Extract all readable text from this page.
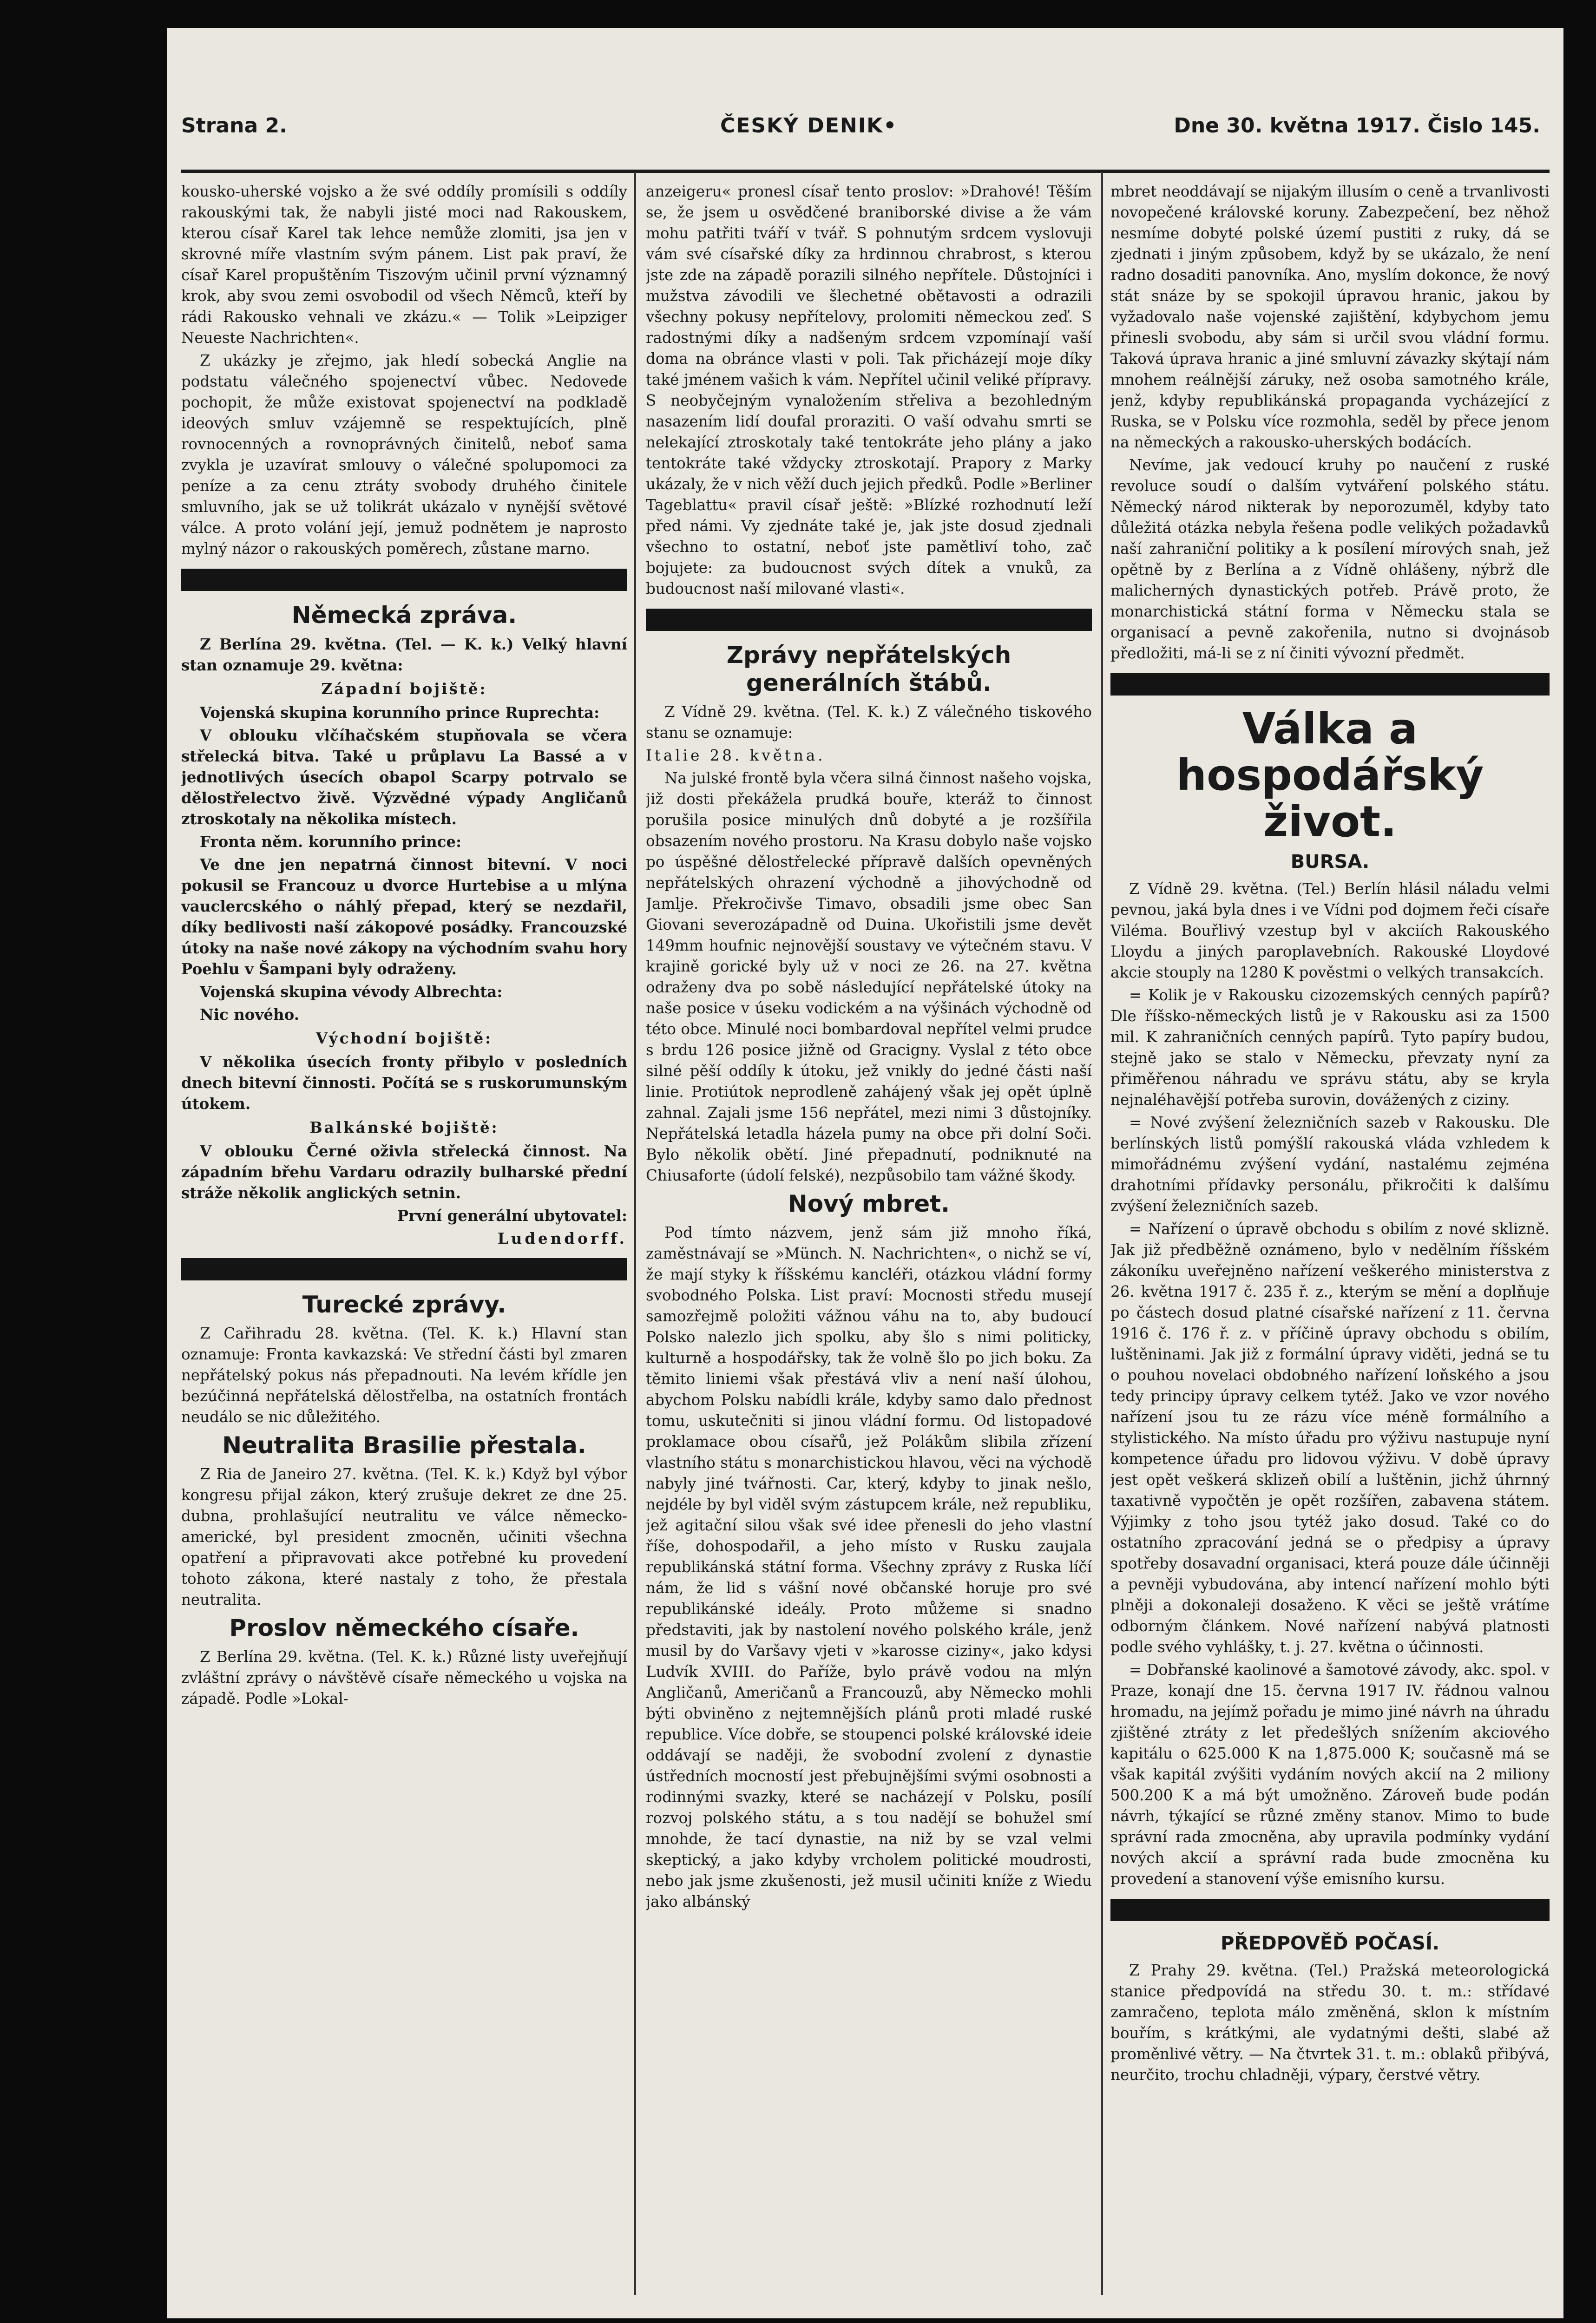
Strana 2.	ČESKÝ DENIK•	Dne 30. května 1917. Čislo 145.

kousko-uherské vojsko a že své oddíly promísili s oddíly rakouskými tak, že nabyli jisté moci nad Rakouskem, kterou císař Karel tak lehce nemůže zlomiti, jsa jen v skrovné míře vlastním svým pánem. List pak praví, že císař Karel propuštěním Tiszovým učinil první významný krok, aby svou zemi osvobodil od všech Němců, kteří by rádi Rakousko vehnali ve zkázu.« — Tolik »Leipziger Neueste Nachrichten«.

Z ukázky je zřejmo, jak hledí sobecká Anglie na podstatu válečného spojenectví vůbec. Nedovede pochopit, že může existovat spojenectví na podkladě ideových smluv vzájemně se respektujících, plně rovnocenných a rovnoprávných činitelů, neboť sama zvykla je uzavírat smlouvy o válečné spolupomoci za peníze a za cenu ztráty svobody druhého činitele smluvního, jak se už tolikrát ukázalo v nynější světové válce. A proto volání její, jemuž podnětem je naprosto mylný názor o rakouských poměrech, zůstane marno.

Německá zpráva.

Z Berlína 29. května. (Tel. — K. k.) Velký hlavní stan oznamuje 29. května:

Západní bojiště:

Vojenská skupina korunního prince Ruprechta:

V oblouku vlčíhačském stupňovala se včera střelecká bitva. Také u průplavu La Bassé a v jednotlivých úsecích obapol Scarpy potrvalo se dělostřelectvo živě. Výzvědné výpady Angličanů ztroskotaly na několika místech.

Fronta něm. korunního prince:

Ve dne jen nepatrná činnost bitevní. V noci pokusil se Francouz u dvorce Hurtebise a u mlýna vauclercského o náhlý přepad, který se nezdařil, díky bedlivosti naší zákopové posádky. Francouzské útoky na naše nové zákopy na východním svahu hory Poehlu v Šampani byly odraženy.

Vojenská skupina vévody Albrechta:

Nic nového.

Východní bojiště:

V několika úsecích fronty přibylo v posledních dnech bitevní činnosti. Počítá se s ruskorumunským útokem.

Balkánské bojiště:

V oblouku Černé oživla střelecká činnost. Na západním břehu Vardaru odrazily bulharské přední stráže několik anglických setnin.

První generální ubytovatel:

Ludendorff.

Turecké zprávy.

Z Cařihradu 28. května. (Tel. K. k.) Hlavní stan oznamuje: Fronta kavkazská: Ve střední části byl zmaren nepřátelský pokus nás přepadnouti. Na levém křídle jen bezúčinná nepřátelská dělostřelba, na ostatních frontách neudálo se nic důležitého.

Neutralita Brasilie přestala.

Z Ria de Janeiro 27. května. (Tel. K. k.) Když byl výbor kongresu přijal zákon, který zrušuje dekret ze dne 25. dubna, prohlašující neutralitu ve válce německo-americké, byl president zmocněn, učiniti všechna opatření a připravovati akce potřebné ku provedení tohoto zákona, které nastaly z toho, že přestala neutralita.

Proslov německého císaře.

Z Berlína 29. května. (Tel. K. k.) Různé listy uveřejňují zvláštní zprávy o návštěvě císaře německého u vojska na západě. Podle »Lokal-

anzeigeru« pronesl císař tento proslov: »Drahové! Těším se, že jsem u osvědčené braniborské divise a že vám mohu patřiti tváří v tvář. S pohnutým srdcem vyslovuji vám své císařské díky za hrdinnou chrabrost, s kterou jste zde na západě porazili silného nepřítele. Důstojníci i mužstva závodili ve šlechetné obětavosti a odrazili všechny pokusy nepřítelovy, prolomiti německou zeď. S radostnými díky a nadšeným srdcem vzpomínají vaší doma na obránce vlasti v poli. Tak přicházejí moje díky také jménem vašich k vám. Nepřítel učinil veliké přípravy. S neobyčejným vynaložením střeliva a bezohledným nasazením lidí doufal proraziti. O vaší odvahu smrti se nelekající ztroskotaly také tentokráte jeho plány a jako tentokráte také vždycky ztroskotají. Prapory z Marky ukázaly, že v nich věží duch jejich předků. Podle »Berliner Tageblattu« pravil císař ještě: »Blízké rozhodnutí leží před námi. Vy zjednáte také je, jak jste dosud zjednali všechno to ostatní, neboť jste pamětliví toho, zač bojujete: za budoucnost svých dítek a vnuků, za budoucnost naší milované vlasti«.

Zprávy nepřátelských generálních štábů.

Z Vídně 29. května. (Tel. K. k.) Z válečného tiskového stanu se oznamuje:

Italie 28. května.

Na julské frontě byla včera silná činnost našeho vojska, již dosti překážela prudká bouře, kteráž to činnost porušila posice minulých dnů dobyté a je rozšířila obsazením nového prostoru. Na Krasu dobylo naše vojsko po úspěšné dělostřelecké přípravě dalších opevněných nepřátelských ohrazení východně a jihovýchodně od Jamlje. Překročivše Timavo, obsadili jsme obec San Giovani severozápadně od Duina. Ukořistili jsme devět 149mm houfnic nejnovější soustavy ve výtečném stavu. V krajině gorické byly už v noci ze 26. na 27. května odraženy dva po sobě následující nepřátelské útoky na naše posice v úseku vodickém a na výšinách východně od této obce. Minulé noci bombardoval nepřítel velmi prudce s brdu 126 posice jižně od Gracigny. Vyslal z této obce silné pěší oddíly k útoku, jež vnikly do jedné části naší linie. Protiútok neprodleně zahájený však jej opět úplně zahnal. Zajali jsme 156 nepřátel, mezi nimi 3 důstojníky. Nepřátelská letadla házela pumy na obce při dolní Soči. Bylo několik obětí. Jiné přepadnutí, podniknuté na Chiusaforte (údolí felské), nezpůsobilo tam vážné škody.

Nový mbret.

Pod tímto názvem, jenž sám již mnoho říká, zaměstnávají se »Münch. N. Nachrichten«, o nichž se ví, že mají styky k říšskému kancléři, otázkou vládní formy svobodného Polska. List praví: Mocnosti středu musejí samozřejmě položiti vážnou váhu na to, aby budoucí Polsko nalezlo jich spolku, aby šlo s nimi politicky, kulturně a hospodářsky, tak že volně šlo po jich boku. Za těmito liniemi však přestává vliv a není naší úlohou, abychom Polsku nabídli krále, kdyby samo dalo přednost tomu, uskutečniti si jinou vládní formu. Od listopadové proklamace obou císařů, jež Polákům slibila zřízení vlastního státu s monarchistickou hlavou, věci na východě nabyly jiné tvářnosti. Car, který, kdyby to jinak nešlo, nejdéle by byl viděl svým zástupcem krále, než republiku, jež agitační silou však své idee přenesli do jeho vlastní říše, dohospodařil, a jeho místo v Rusku zaujala republikánská státní forma. Všechny zprávy z Ruska líčí nám, že lid s vášní nové občanské horuje pro své republikánské ideály. Proto můžeme si snadno představiti, jak by nastolení nového polského krále, jenž musil by do Varšavy vjeti v »karosse ciziny«, jako kdysi Ludvík XVIII. do Paříže, bylo právě vodou na mlýn Angličanů, Američanů a Francouzů, aby Německo mohli býti obviněno z nejtemnějších plánů proti mladé ruské republice. Více dobře, se stoupenci polské královské ideie oddávají se naději, že svobodní zvolení z dynastie ústředních mocností jest přebujnějšími svými osobnosti a rodinnými svazky, které se nacházejí v Polsku, posílí rozvoj polského státu, a s tou nadějí se bohužel smí mnohde, že tací dynastie, na niž by se vzal velmi skeptický, a jako kdyby vrcholem politické moudrosti, nebo jak jsme zkušenosti, jež musil učiniti kníže z Wiedu jako albánský

mbret neoddávají se nijakým illusím o ceně a trvanlivosti novopečené královské koruny. Zabezpečení, bez něhož nesmíme dobyté polské území pustiti z ruky, dá se zjednati i jiným způsobem, když by se ukázalo, že není radno dosaditi panovníka. Ano, myslím dokonce, že nový stát snáze by se spokojil úpravou hranic, jakou by vyžadovalo naše vojenské zajištění, kdybychom jemu přinesli svobodu, aby sám si určil svou vládní formu. Taková úprava hranic a jiné smluvní závazky skýtají nám mnohem reálnější záruky, než osoba samotného krále, jenž, kdyby republikánská propaganda vycházející z Ruska, se v Polsku více rozmohla, seděl by přece jenom na německých a rakousko-uherských bodácích.

Nevíme, jak vedoucí kruhy po naučení z ruské revoluce soudí o dalším vytváření polského státu. Německý národ nikterak by neporozuměl, kdyby tato důležitá otázka nebyla řešena podle velikých požadavků naší zahraniční politiky a k posílení mírových snah, jež opětně by z Berlína a z Vídně ohlášeny, nýbrž dle malicherných dynastických potřeb. Právě proto, že monarchistická státní forma v Německu stala se organisací a pevně zakořenila, nutno si dvojnásob předložiti, má-li se z ní činiti vývozní předmět.

Válka a hospodářský život.
BURSA.

Z Vídně 29. května. (Tel.) Berlín hlásil náladu velmi pevnou, jaká byla dnes i ve Vídni pod dojmem řeči císaře Viléma. Bouřlivý vzestup byl v akciích Rakouského Lloydu a jiných paroplavebních. Rakouské Lloydové akcie stouply na 1280 K pověstmi o velkých transakcích.

= Kolik je v Rakousku cizozemských cenných papírů? Dle říšsko-německých listů je v Rakousku asi za 1500 mil. K zahraničních cenných papírů. Tyto papíry budou, stejně jako se stalo v Německu, převzaty nyní za přiměřenou náhradu ve správu státu, aby se kryla nejnaléhavější potřeba surovin, dovážených z ciziny.

= Nové zvýšení železničních sazeb v Rakousku. Dle berlínských listů pomýšlí rakouská vláda vzhledem k mimořádnému zvýšení vydání, nastalému zejména drahotními přídavky personálu, přikročiti k dalšímu zvýšení železničních sazeb.

= Nařízení o úpravě obchodu s obilím z nové sklizně. Jak již předběžně oznámeno, bylo v nedělním říšském zákoníku uveřejněno nařízení veškerého ministerstva z 26. května 1917 č. 235 ř. z., kterým se mění a doplňuje po částech dosud platné císařské nařízení z 11. června 1916 č. 176 ř. z. v příčině úpravy obchodu s obilím, luštěninami. Jak již z formální úpravy viděti, jedná se tu o pouhou novelaci obdobného nařízení loňského a jsou tedy principy úpravy celkem tytéž. Jako ve vzor nového nařízení jsou tu ze rázu více méně formálního a stylistického. Na místo úřadu pro výživu nastupuje nyní kompetence úřadu pro lidovou výživu. V době úpravy jest opět veškerá sklizeň obilí a luštěnin, jichž úhrnný taxativně vypočtěn je opět rozšířen, zabavena státem. Výjimky z toho jsou tytéž jako dosud. Také co do ostatního zpracování jedná se o předpisy a úpravy spotřeby dosavadní organisaci, která pouze dále účinněji a pevněji vybudována, aby intencí nařízení mohlo býti plněji a dokonaleji dosaženo. K věci se ještě vrátíme odborným článkem. Nové nařízení nabývá platnosti podle svého vyhlášky, t. j. 27. května o účinnosti.

= Dobřanské kaolinové a šamotové závody, akc. spol. v Praze, konají dne 15. června 1917 IV. řádnou valnou hromadu, na jejímž pořadu je mimo jiné návrh na úhradu zjištěné ztráty z let předešlých snížením akciového kapitálu o 625.000 K na 1,875.000 K; současně má se však kapitál zvýšiti vydáním nových akcií na 2 miliony 500.200 K a má být umožněno. Zároveň bude podán návrh, týkající se různé změny stanov. Mimo to bude správní rada zmocněna, aby upravila podmínky vydání nových akcií a správní rada bude zmocněna ku provedení a stanovení výše emisního kursu.

PŘEDPOVĚĎ POČASÍ.

Z Prahy 29. května. (Tel.) Pražská meteorologická stanice předpovídá na středu 30. t. m.: střídavé zamračeno, teplota málo změněná, sklon k místním bouřím, s krátkými, ale vydatnými dešti, slabé až proměnlivé větry. — Na čtvrtek 31. t. m.: oblaků přibývá, neurčito, trochu chladněji, výpary, čerstvé větry.
